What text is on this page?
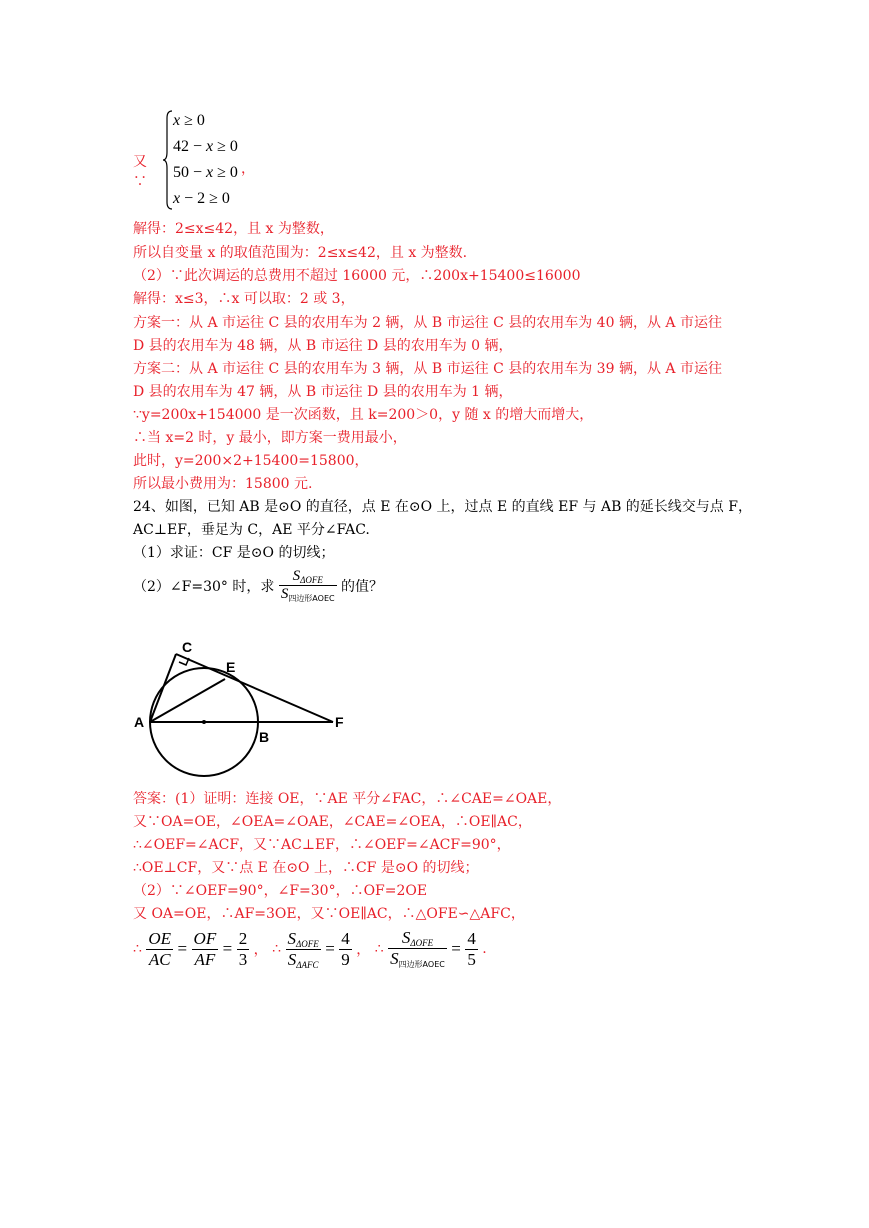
又∵
x ≥ 0
42 − x ≥ 0
50 − x ≥ 0
x − 2 ≥ 0
，
解得：2≤x≤42，且 x 为整数，
所以自变量 x 的取值范围为：2≤x≤42，且 x 为整数.
（2）∵此次调运的总费用不超过 16000 元，∴200x+15400≤16000
解得：x≤3，∴x 可以取：2 或 3，
方案一：从 A 市运往 C 县的农用车为 2 辆，从 B 市运往 C 县的农用车为 40 辆，从 A 市运往
D 县的农用车为 48 辆，从 B 市运往 D 县的农用车为 0 辆，
方案二：从 A 市运往 C 县的农用车为 3 辆，从 B 市运往 C 县的农用车为 39 辆，从 A 市运往
D 县的农用车为 47 辆，从 B 市运往 D 县的农用车为 1 辆，
∵y=200x+154000 是一次函数，且 k=200＞0，y 随 x 的增大而增大，
∴当 x=2 时，y 最小，即方案一费用最小，
此时，y=200×2+15400=15800，
所以最小费用为：15800 元.
24、如图，已知 AB 是⊙O 的直径，点 E 在⊙O 上，过点 E 的直线 EF 与 AB 的延长线交与点 F，
AC⊥EF，垂足为 C，AE 平分∠FAC.
（1）求证：CF 是⊙O 的切线；
（2）∠F=30° 时，求 $\frac{S_{\Delta OFE}}{S_{四边形AOEC}}$ 的值？
C
E
A
B
F
答案：(1）证明：连接 OE，∵AE 平分∠FAC，∴∠CAE=∠OAE，
又∵OA=OE，∠OEA=∠OAE，∠CAE=∠OEA，∴OE∥AC，
∴∠OEF=∠ACF，又∵AC⊥EF，∴∠OEF=∠ACF=90°，
∴OE⊥CF，又∵点 E 在⊙O 上，∴CF 是⊙O 的切线；
（2）∵∠OEF=90°，∠F=30°，∴OF=2OE
又 OA=OE，∴AF=3OE，又∵OE∥AC，∴△OFE∽△AFC，
∴ $\frac{OE}{AC} = \frac{OF}{AF} = \frac{2}{3}$ ， ∴ $\frac{S_{\Delta OFE}}{S_{\Delta AFC}} = \frac{4}{9}$ ， ∴ $\frac{S_{\Delta OFE}}{\text{S四边形AOEC}} = \frac{4}{5}$ .
